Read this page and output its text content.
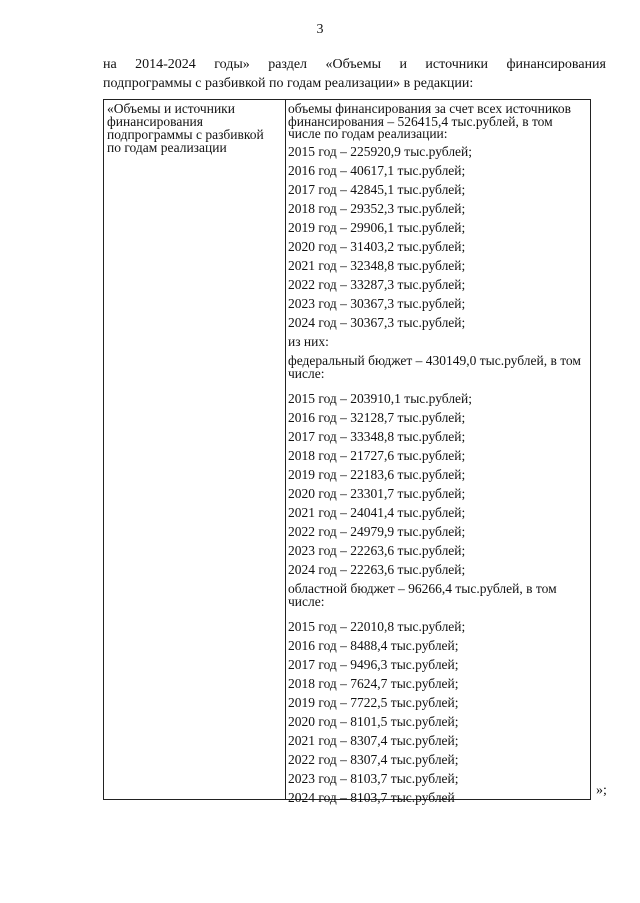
3
на 2014-2024 годы» раздел «Объемы и источники финансирования
подпрограммы с разбивкой по годам реализации» в редакции:
«Объемы и источники финансирования подпрограммы с разбивкой по годам реализации
объемы финансирования за счет всех источников финансирования – 526415,4 тыс.рублей, в том числе по годам реализации:
2015 год – 225920,9 тыс.рублей;
2016 год – 40617,1 тыс.рублей;
2017 год – 42845,1 тыс.рублей;
2018 год – 29352,3 тыс.рублей;
2019 год – 29906,1 тыс.рублей;
2020 год – 31403,2 тыс.рублей;
2021 год – 32348,8 тыс.рублей;
2022 год – 33287,3 тыс.рублей;
2023 год – 30367,3 тыс.рублей;
2024 год – 30367,3 тыс.рублей;
из них:
федеральный бюджет – 430149,0 тыс.рублей, в том числе:
2015 год – 203910,1 тыс.рублей;
2016 год – 32128,7 тыс.рублей;
2017 год – 33348,8 тыс.рублей;
2018 год – 21727,6 тыс.рублей;
2019 год – 22183,6 тыс.рублей;
2020 год – 23301,7 тыс.рублей;
2021 год – 24041,4 тыс.рублей;
2022 год – 24979,9 тыс.рублей;
2023 год – 22263,6 тыс.рублей;
2024 год – 22263,6 тыс.рублей;
областной бюджет – 96266,4 тыс.рублей, в том числе:
2015 год – 22010,8 тыс.рублей;
2016 год – 8488,4 тыс.рублей;
2017 год – 9496,3 тыс.рублей;
2018 год – 7624,7 тыс.рублей;
2019 год – 7722,5 тыс.рублей;
2020 год – 8101,5 тыс.рублей;
2021 год – 8307,4 тыс.рублей;
2022 год – 8307,4 тыс.рублей;
2023 год – 8103,7 тыс.рублей;
2024 год – 8103,7 тыс.рублей	»;
